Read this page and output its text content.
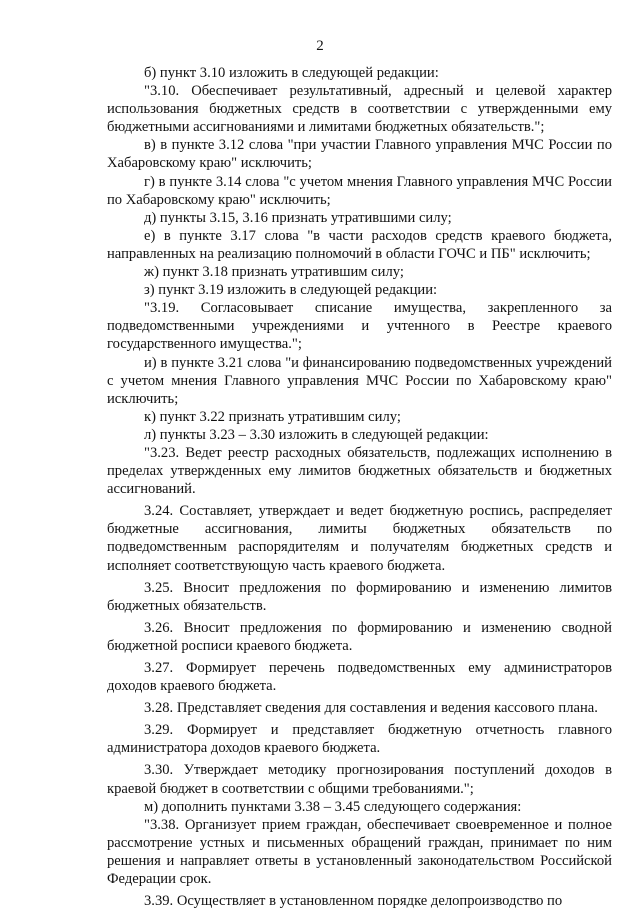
2

б) пункт 3.10 изложить в следующей редакции:

"3.10. Обеспечивает результативный, адресный и целевой характер использования бюджетных средств в соответствии с утвержденными ему бюджетными ассигнованиями и лимитами бюджетных обязательств.";

в) в пункте 3.12 слова "при участии Главного управления МЧС России по Хабаровскому краю" исключить;

г) в пункте 3.14 слова "с учетом мнения Главного управления МЧС России по Хабаровскому краю" исключить;

д) пункты 3.15, 3.16 признать утратившими силу;

е) в пункте 3.17 слова "в части расходов средств краевого бюджета, направленных на реализацию полномочий в области ГОЧС и ПБ" исключить;

ж) пункт 3.18 признать утратившим силу;

з) пункт 3.19 изложить в следующей редакции:

"3.19. Согласовывает списание имущества, закрепленного за подведомственными учреждениями и учтенного в Реестре краевого государственного имущества.";

и) в пункте 3.21 слова "и финансированию подведомственных учреждений с учетом мнения Главного управления МЧС России по Хабаровскому краю" исключить;

к) пункт 3.22 признать утратившим силу;

л) пункты 3.23 – 3.30 изложить в следующей редакции:

"3.23. Ведет реестр расходных обязательств, подлежащих исполнению в пределах утвержденных ему лимитов бюджетных обязательств и бюджетных ассигнований.

3.24. Составляет, утверждает и ведет бюджетную роспись, распределяет бюджетные ассигнования, лимиты бюджетных обязательств по подведомственным распорядителям и получателям бюджетных средств и исполняет соответствующую часть краевого бюджета.

3.25. Вносит предложения по формированию и изменению лимитов бюджетных обязательств.

3.26. Вносит предложения по формированию и изменению сводной бюджетной росписи краевого бюджета.

3.27. Формирует перечень подведомственных ему администраторов доходов краевого бюджета.

3.28. Представляет сведения для составления и ведения кассового плана.

3.29. Формирует и представляет бюджетную отчетность главного администратора доходов краевого бюджета.

3.30. Утверждает методику прогнозирования поступлений доходов в краевой бюджет в соответствии с общими требованиями.";

м) дополнить пунктами 3.38 – 3.45 следующего содержания:

"3.38. Организует прием граждан, обеспечивает своевременное и полное рассмотрение устных и письменных обращений граждан, принимает по ним решения и направляет ответы в установленный законодательством Российской Федерации срок.

3.39. Осуществляет в установленном порядке делопроизводство по
